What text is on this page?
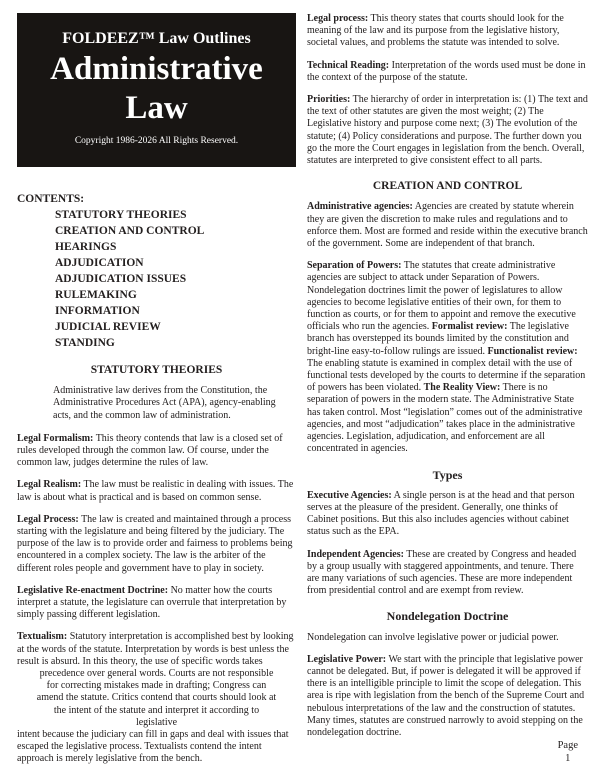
FOLDEEZ™ Law Outlines
Administrative
Law
Copyright 1986-2026 All Rights Reserved.
CONTENTS:
STATUTORY THEORIES
CREATION AND CONTROL
HEARINGS
ADJUDICATION
ADJUDICATION ISSUES
RULEMAKING
INFORMATION
JUDICIAL REVIEW
STANDING
STATUTORY THEORIES

Administrative law derives from the Constitution, the Administrative Procedures Act (APA), agency-enabling acts, and the common law of administration.

Legal Formalism: This theory contends that law is a closed set of rules developed through the common law. Of course, under the common law, judges determine the rules of law.

Legal Realism: The law must be realistic in dealing with issues. The law is about what is practical and is based on common sense.

Legal Process: The law is created and maintained through a process starting with the legislature and being filtered by the judiciary. The purpose of the law is to provide order and fairness to problems being encountered in a complex society. The law is the arbiter of the different roles people and government have to play in society.

Legislative Re-enactment Doctrine: No matter how the courts interpret a statute, the legislature can overrule that interpretation by simply passing different legislation.

Textualism: Statutory interpretation is accomplished best by looking at the words of the statute. Interpretation by words is best unless the result is absurd. In this theory, the use of specific words takes
precedence over general words. Courts are not responsible for correcting mistakes made in drafting; Congress can amend the statute. Critics contend that courts should look at the intent of the statute and interpret it according to legislative
intent because the judiciary can fill in gaps and deal with issues that escaped the legislative process. Textualists contend the intent approach is merely legislative from the bench.

Legal process: This theory states that courts should look for the meaning of the law and its purpose from the legislative history, societal values, and problems the statute was intended to solve.

Technical Reading: Interpretation of the words used must be done in the context of the purpose of the statute.

Priorities: The hierarchy of order in interpretation is: (1) The text and the text of other statutes are given the most weight; (2) The Legislative history and purpose come next; (3) The evolution of the statute; (4) Policy considerations and purpose. The further down you go the more the Court engages in legislation from the bench. Overall, statutes are interpreted to give consistent effect to all parts.

CREATION AND CONTROL

Administrative agencies: Agencies are created by statute wherein they are given the discretion to make rules and regulations and to enforce them. Most are formed and reside within the executive branch of the government. Some are independent of that branch.

Separation of Powers: The statutes that create administrative agencies are subject to attack under Separation of Powers. Nondelegation doctrines limit the power of legislatures to allow agencies to become legislative entities of their own, for them to function as courts, or for them to appoint and remove the executive officials who run the agencies. Formalist review: The legislative branch has overstepped its bounds limited by the constitution and bright-line easy-to-follow rulings are issued. Functionalist review: The enabling statute is examined in complex detail with the use of functional tests developed by the courts to determine if the separation of powers has been violated. The Reality View: There is no separation of powers in the modern state. The Administrative State has taken control. Most “legislation” comes out of the administrative agencies, and most “adjudication” takes place in the administrative agencies. Legislation, adjudication, and enforcement are all concentrated in agencies.

Types

Executive Agencies: A single person is at the head and that person serves at the pleasure of the president. Generally, one thinks of Cabinet positions. But this also includes agencies without cabinet status such as the EPA.

Independent Agencies: These are created by Congress and headed by a group usually with staggered appointments, and tenure. There are many variations of such agencies. These are more independent from presidential control and are exempt from review.

Nondelegation Doctrine

Nondelegation can involve legislative power or judicial power.

Legislative Power: We start with the principle that legislative power cannot be delegated. But, if power is delegated it will be approved if there is an intelligible principle to limit the scope of delegation. This area is ripe with legislation from the bench of the Supreme Court and nebulous interpretations of the law and the construction of statutes. Many times, statutes are construed narrowly to avoid stepping on the nondelegation doctrine.

Page
1
